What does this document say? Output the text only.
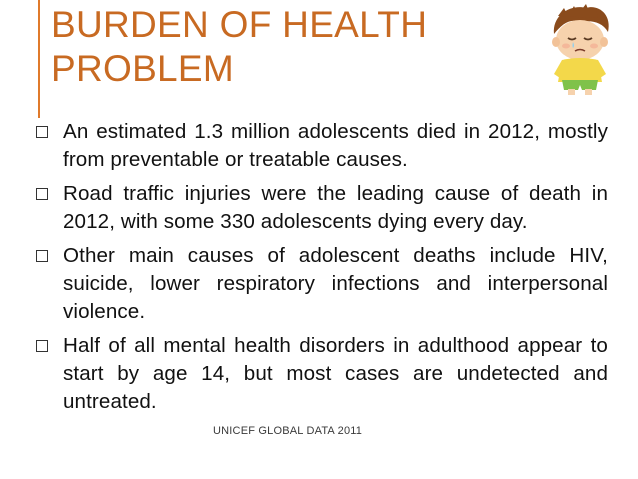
BURDEN OF HEALTH
PROBLEM
An estimated 1.3 million adolescents died in 2012, mostly from preventable or treatable causes.
Road traffic injuries were the leading cause of death in 2012, with some 330 adolescents dying every day.
Other main causes of adolescent deaths include HIV, suicide, lower respiratory infections and interpersonal violence.
Half of all mental health disorders in adulthood appear to start by age 14, but most cases are undetected and untreated.
UNICEF GLOBAL DATA 2011
